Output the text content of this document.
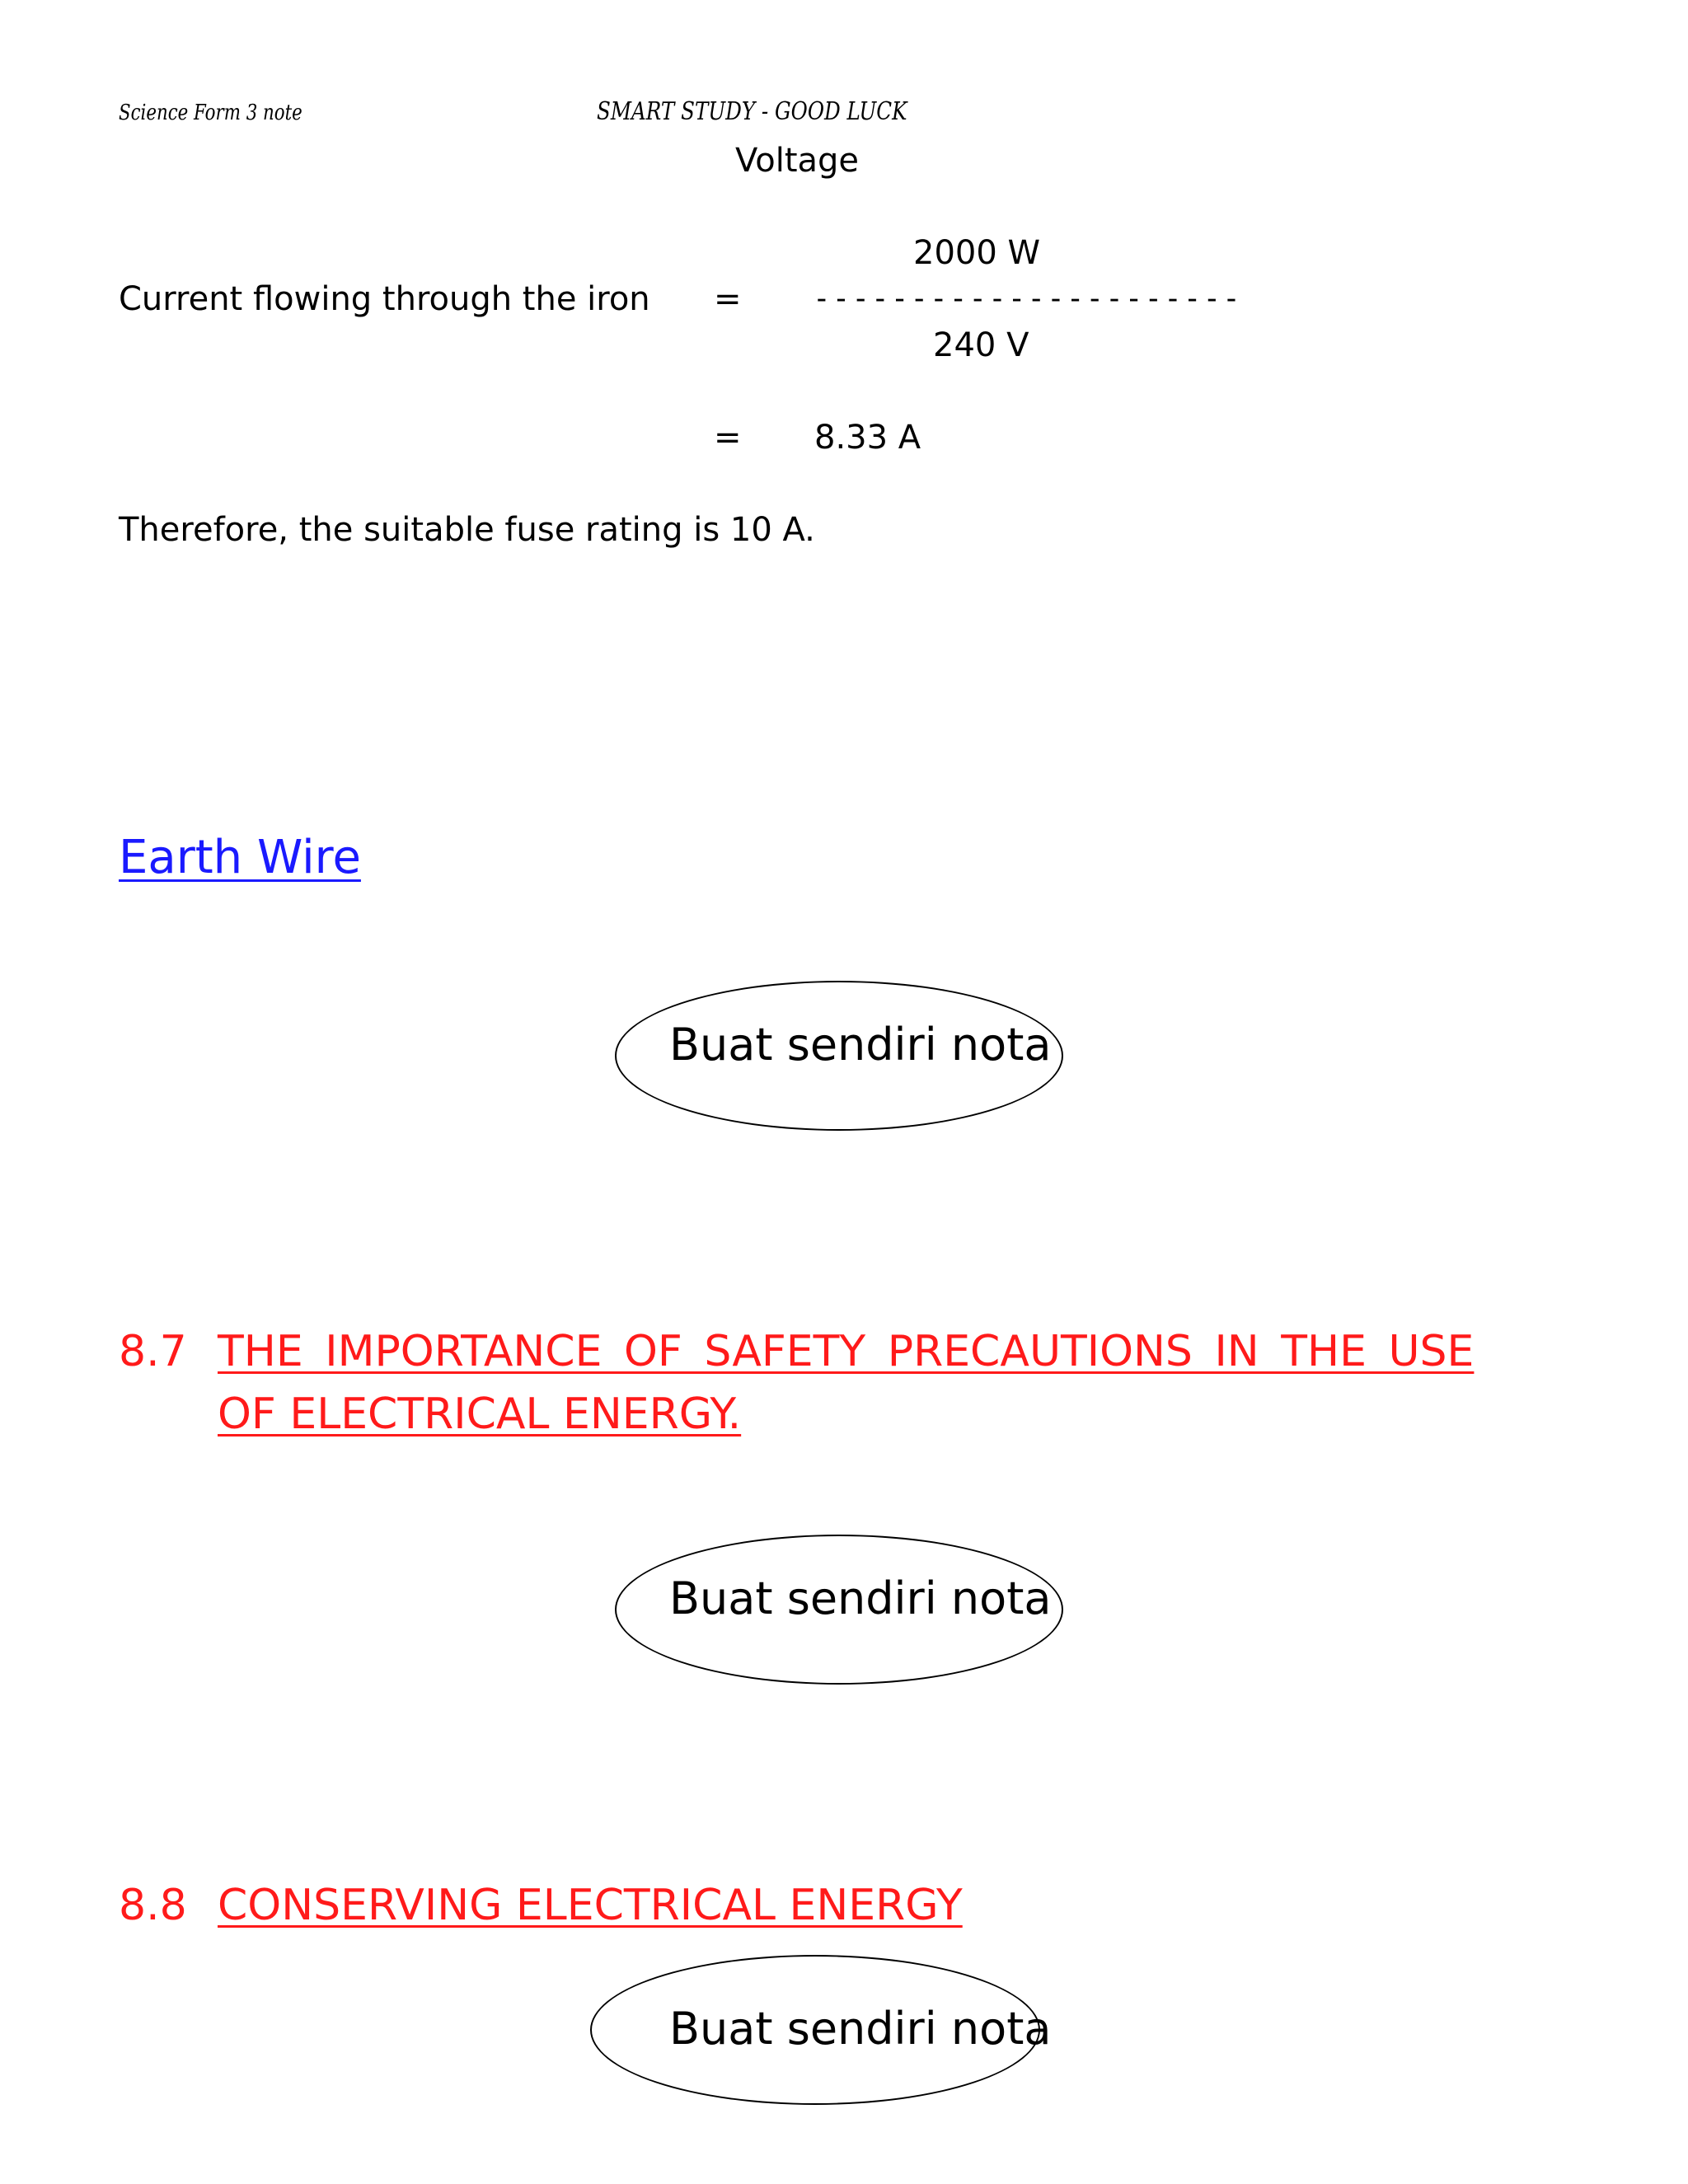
Science Form 3 note	SMART STUDY - GOOD LUCK
Voltage
2000 W
Current flowing through the iron = ----------------------
240 V
= 8.33 A
Therefore, the suitable fuse rating is 10 A.
Earth Wire
Buat sendiri nota
8.7 THE IMPORTANCE OF SAFETY PRECAUTIONS IN THE USE
OF ELECTRICAL ENERGY.
Buat sendiri nota
8.8 CONSERVING ELECTRICAL ENERGY
Buat sendiri nota
